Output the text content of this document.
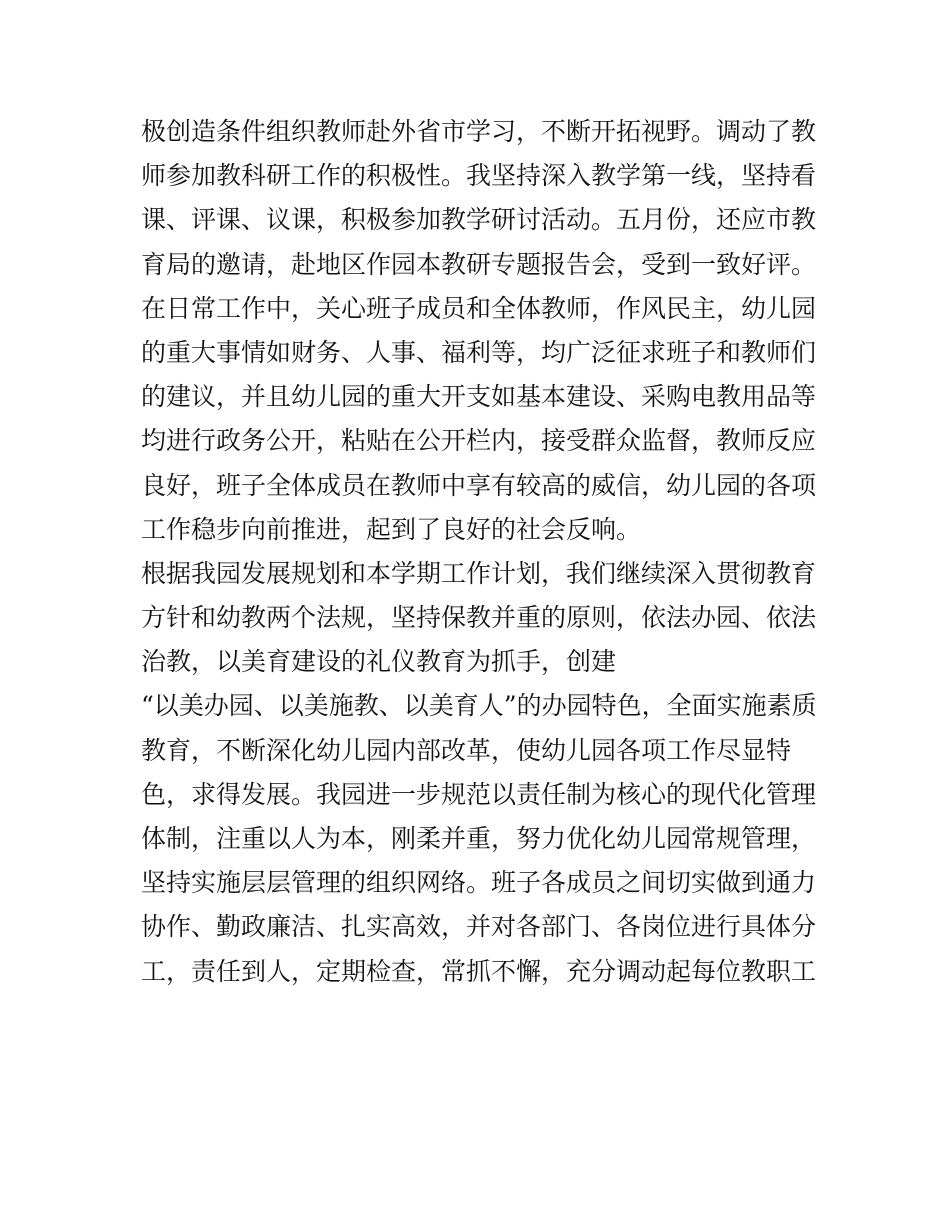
极创造条件组织教师赴外省市学习，不断开拓视野。调动了教
师参加教科研工作的积极性。我坚持深入教学第一线，坚持看
课、评课、议课，积极参加教学研讨活动。五月份，还应市教
育局的邀请，赴地区作园本教研专题报告会，受到一致好评。
在日常工作中，关心班子成员和全体教师，作风民主，幼儿园
的重大事情如财务、人事、福利等，均广泛征求班子和教师们
的建议，并且幼儿园的重大开支如基本建设、采购电教用品等
均进行政务公开，粘贴在公开栏内，接受群众监督，教师反应
良好，班子全体成员在教师中享有较高的威信，幼儿园的各项
工作稳步向前推进，起到了良好的社会反响。
根据我园发展规划和本学期工作计划，我们继续深入贯彻教育
方针和幼教两个法规，坚持保教并重的原则，依法办园、依法
治教，以美育建设的礼仪教育为抓手，创建
“以美办园、以美施教、以美育人”的办园特色，全面实施素质
教育，不断深化幼儿园内部改革，使幼儿园各项工作尽显特
色，求得发展。我园进一步规范以责任制为核心的现代化管理
体制，注重以人为本，刚柔并重，努力优化幼儿园常规管理，
坚持实施层层管理的组织网络。班子各成员之间切实做到通力
协作、勤政廉洁、扎实高效，并对各部门、各岗位进行具体分
工，责任到人，定期检查，常抓不懈，充分调动起每位教职工
